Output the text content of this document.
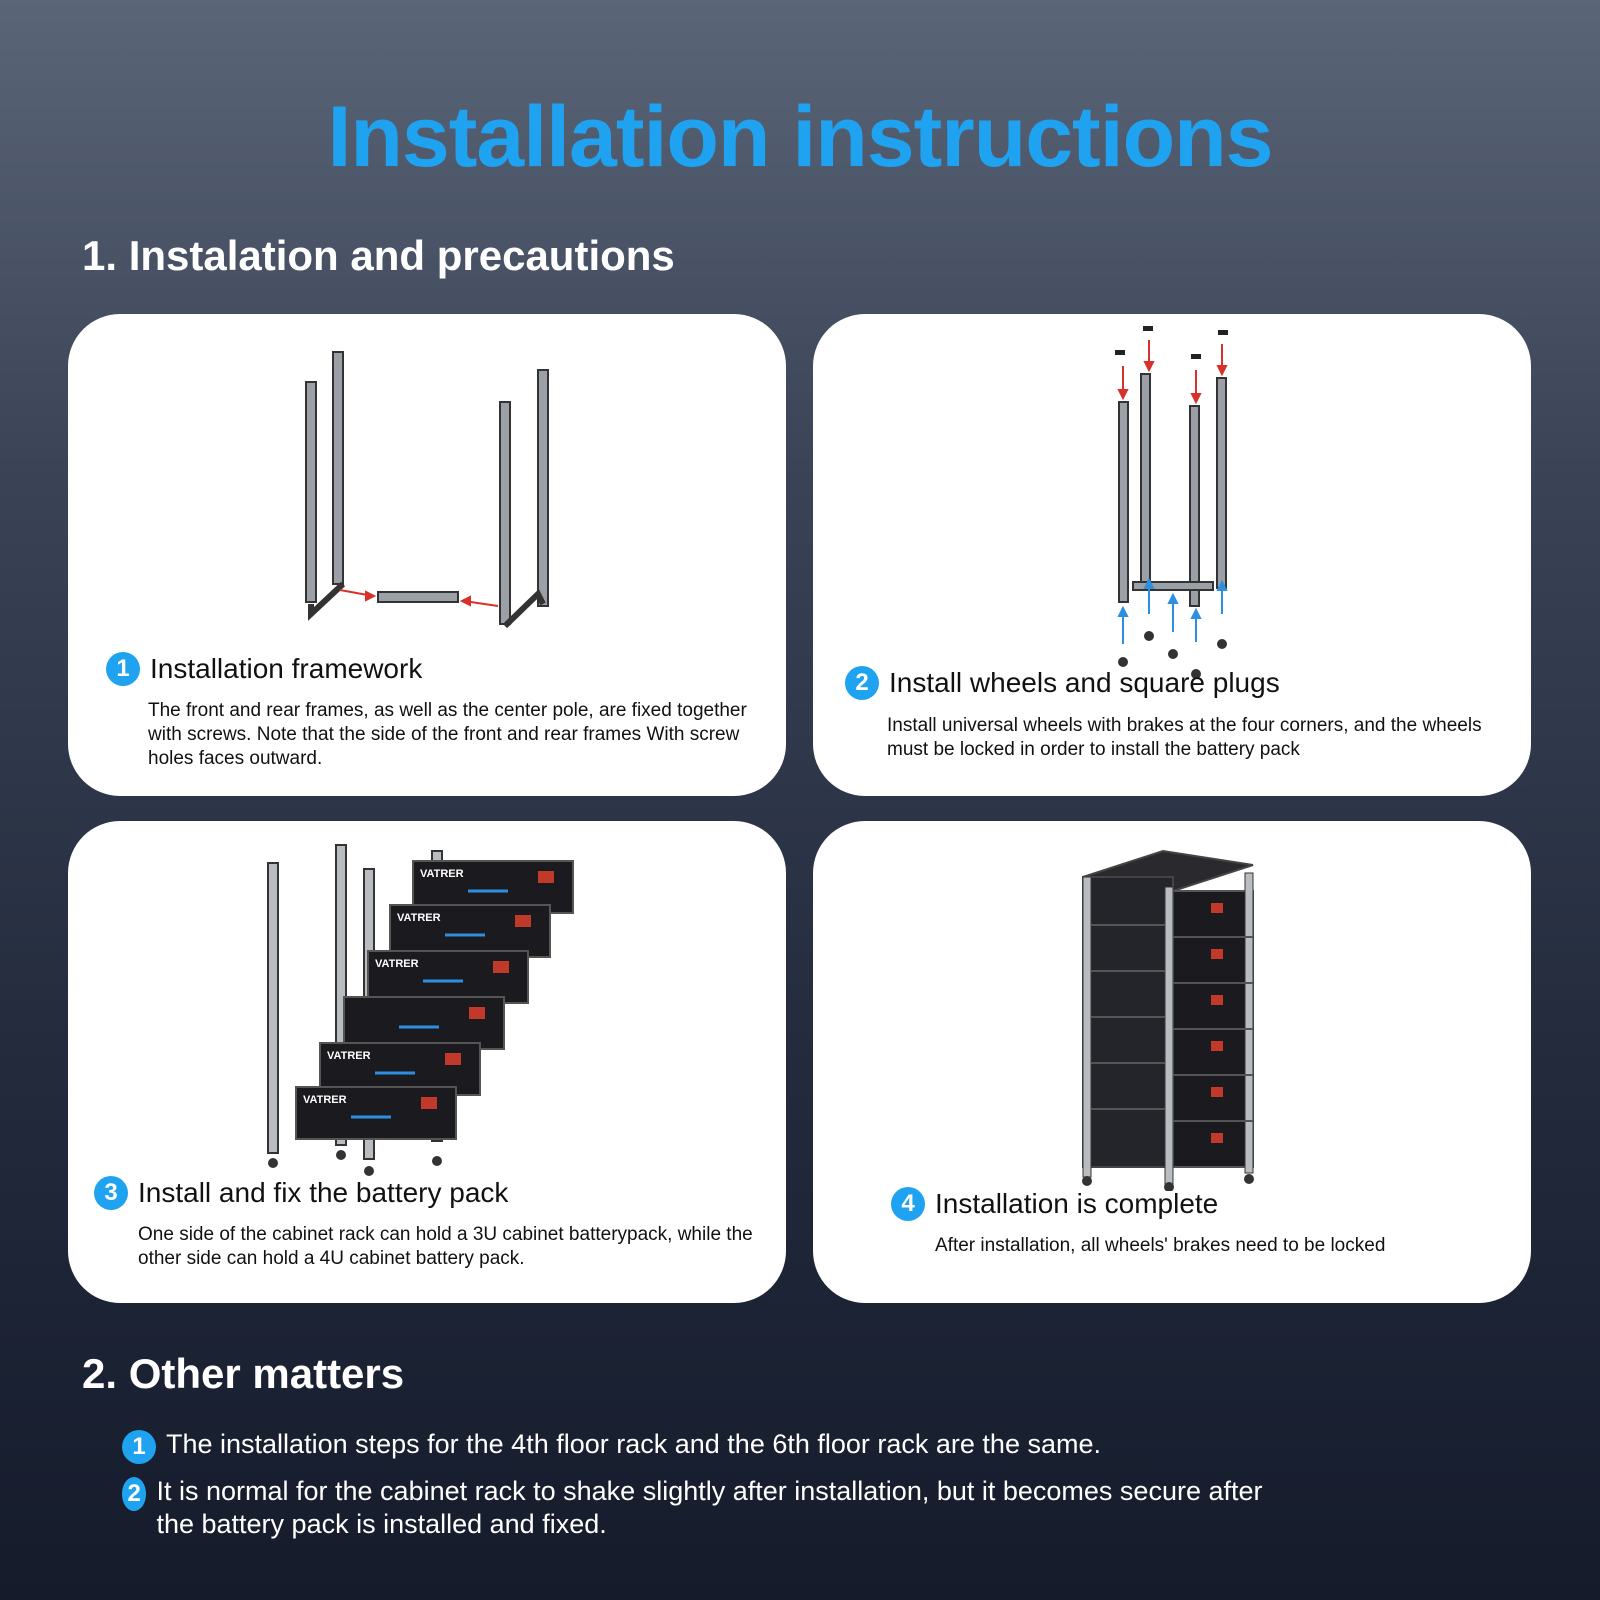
Installation instructions
1. Instalation and precautions
1 Installation framework
The front and rear frames, as well as the center pole, are fixed together with screws. Note that the side of the front and rear frames With screw holes faces outward.
2 Install wheels and square plugs
Install universal wheels with brakes at the four corners, and the wheels must be locked in order to install the battery pack
VATRER
VATRER
VATRER
VATRER
VATRER
3 Install and fix the battery pack
One side of the cabinet rack can hold a 3U cabinet batterypack, while the other side can hold a 4U cabinet battery pack.
4 Installation is complete
After installation, all wheels' brakes need to be locked
2. Other matters
1 The installation steps for the 4th floor rack and the 6th floor rack are the same.
2 It is normal for the cabinet rack to shake slightly after installation, but it becomes secure after the battery pack is installed and fixed.
